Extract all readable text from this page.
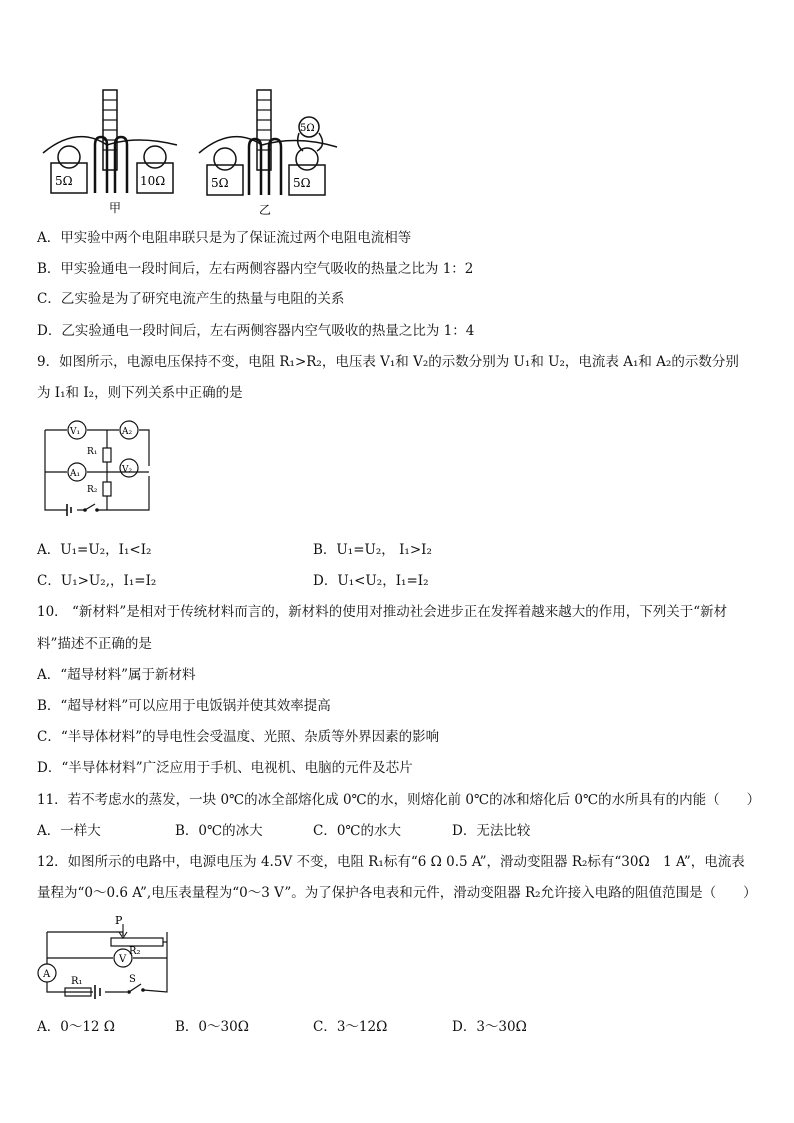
5Ω	10Ω
甲
5Ω	5Ω
5Ω
乙
A．甲实验中两个电阻串联只是为了保证流过两个电阻电流相等
B．甲实验通电一段时间后，左右两侧容器内空气吸收的热量之比为 1：2
C．乙实验是为了研究电流产生的热量与电阻的关系
D．乙实验通电一段时间后，左右两侧容器内空气吸收的热量之比为 1：4
9．如图所示，电源电压保持不变，电阻 R₁>R₂，电压表 V₁和 V₂的示数分别为 U₁和 U₂，电流表 A₁和 A₂的示数分别
为 I₁和 I₂，则下列关系中正确的是
V₁	A₂
A₁	V₂
R₁
R₂
A．U₁=U₂，I₁<I₂	B．U₁=U₂， I₁>I₂
C．U₁>U₂,，I₁=I₂	D．U₁<U₂，I₁=I₂
10． “新材料”是相对于传统材料而言的，新材料的使用对推动社会进步正在发挥着越来越大的作用，下列关于“新材
料”描述不正确的是
A．“超导材料”属于新材料
B．“超导材料”可以应用于电饭锅并使其效率提高
C．“半导体材料”的导电性会受温度、光照、杂质等外界因素的影响
D．“半导体材料”广泛应用于手机、电视机、电脑的元件及芯片
11．若不考虑水的蒸发，一块 0℃的冰全部熔化成 0℃的水，则熔化前 0℃的冰和熔化后 0℃的水所具有的内能（　　）
A．一样大	B．0℃的冰大	C．0℃的水大	D．无法比较
12．如图所示的电路中，电源电压为 4.5V 不变，电阻 R₁标有“6 Ω 0.5 A”，滑动变阻器 R₂标有“30Ω　1 A”，电流表
量程为“0～0.6 A”,电压表量程为“0～3 V”。为了保护各电表和元件，滑动变阻器 R₂允许接入电路的阻值范围是（　　）
P
R₂
V
A
R₁	S
A．0～12 Ω	B．0～30Ω	C．3～12Ω	D．3～30Ω
